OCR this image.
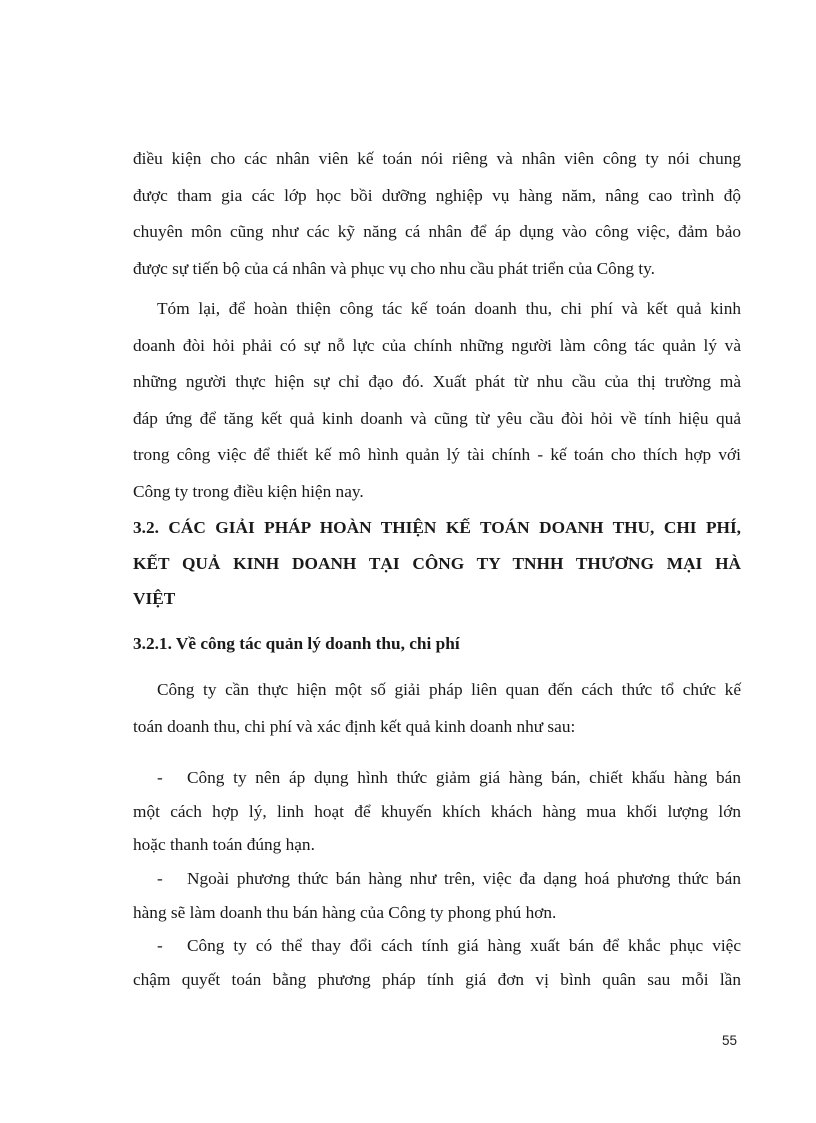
điều kiện cho các nhân viên kế toán nói riêng và nhân viên công ty nói chung
được tham gia các lớp học bồi dưỡng nghiệp vụ hàng năm, nâng cao trình độ
chuyên môn cũng như các kỹ năng cá nhân để áp dụng vào công việc, đảm bảo
được sự tiến bộ của cá nhân và phục vụ cho nhu cầu phát triển của Công ty.
Tóm lại, để hoàn thiện công tác kế toán doanh thu, chi phí và kết quả kinh
doanh đòi hỏi phải có sự nỗ lực của chính những người làm công tác quản lý và
những người thực hiện sự chỉ đạo đó. Xuất phát từ nhu cầu của thị trường mà
đáp ứng để tăng kết quả kinh doanh và cũng từ yêu cầu đòi hỏi về tính hiệu quả
trong công việc để thiết kế mô hình quản lý tài chính - kế toán cho thích hợp với
Công ty trong điều kiện hiện nay.
3.2. CÁC GIẢI PHÁP HOÀN THIỆN KẾ TOÁN DOANH THU, CHI PHÍ,
KẾT QUẢ KINH DOANH TẠI CÔNG TY TNHH THƯƠNG MẠI HÀ
VIỆT
3.2.1. Về công tác quản lý doanh thu, chi phí
Công ty cần thực hiện một số giải pháp liên quan đến cách thức tổ chức kế
toán doanh thu, chi phí và xác định kết quả kinh doanh như sau:
-	Công ty nên áp dụng hình thức giảm giá hàng bán, chiết khấu hàng bán
một cách hợp lý, linh hoạt để khuyến khích khách hàng mua khối lượng lớn
hoặc thanh toán đúng hạn.
-	Ngoài phương thức bán hàng như trên, việc đa dạng hoá phương thức bán
hàng sẽ làm doanh thu bán hàng của Công ty phong phú hơn.
-	Công ty có thể thay đổi cách tính giá hàng xuất bán để khắc phục việc
chậm quyết toán bằng phương pháp tính giá đơn vị bình quân sau mỗi lần
55
